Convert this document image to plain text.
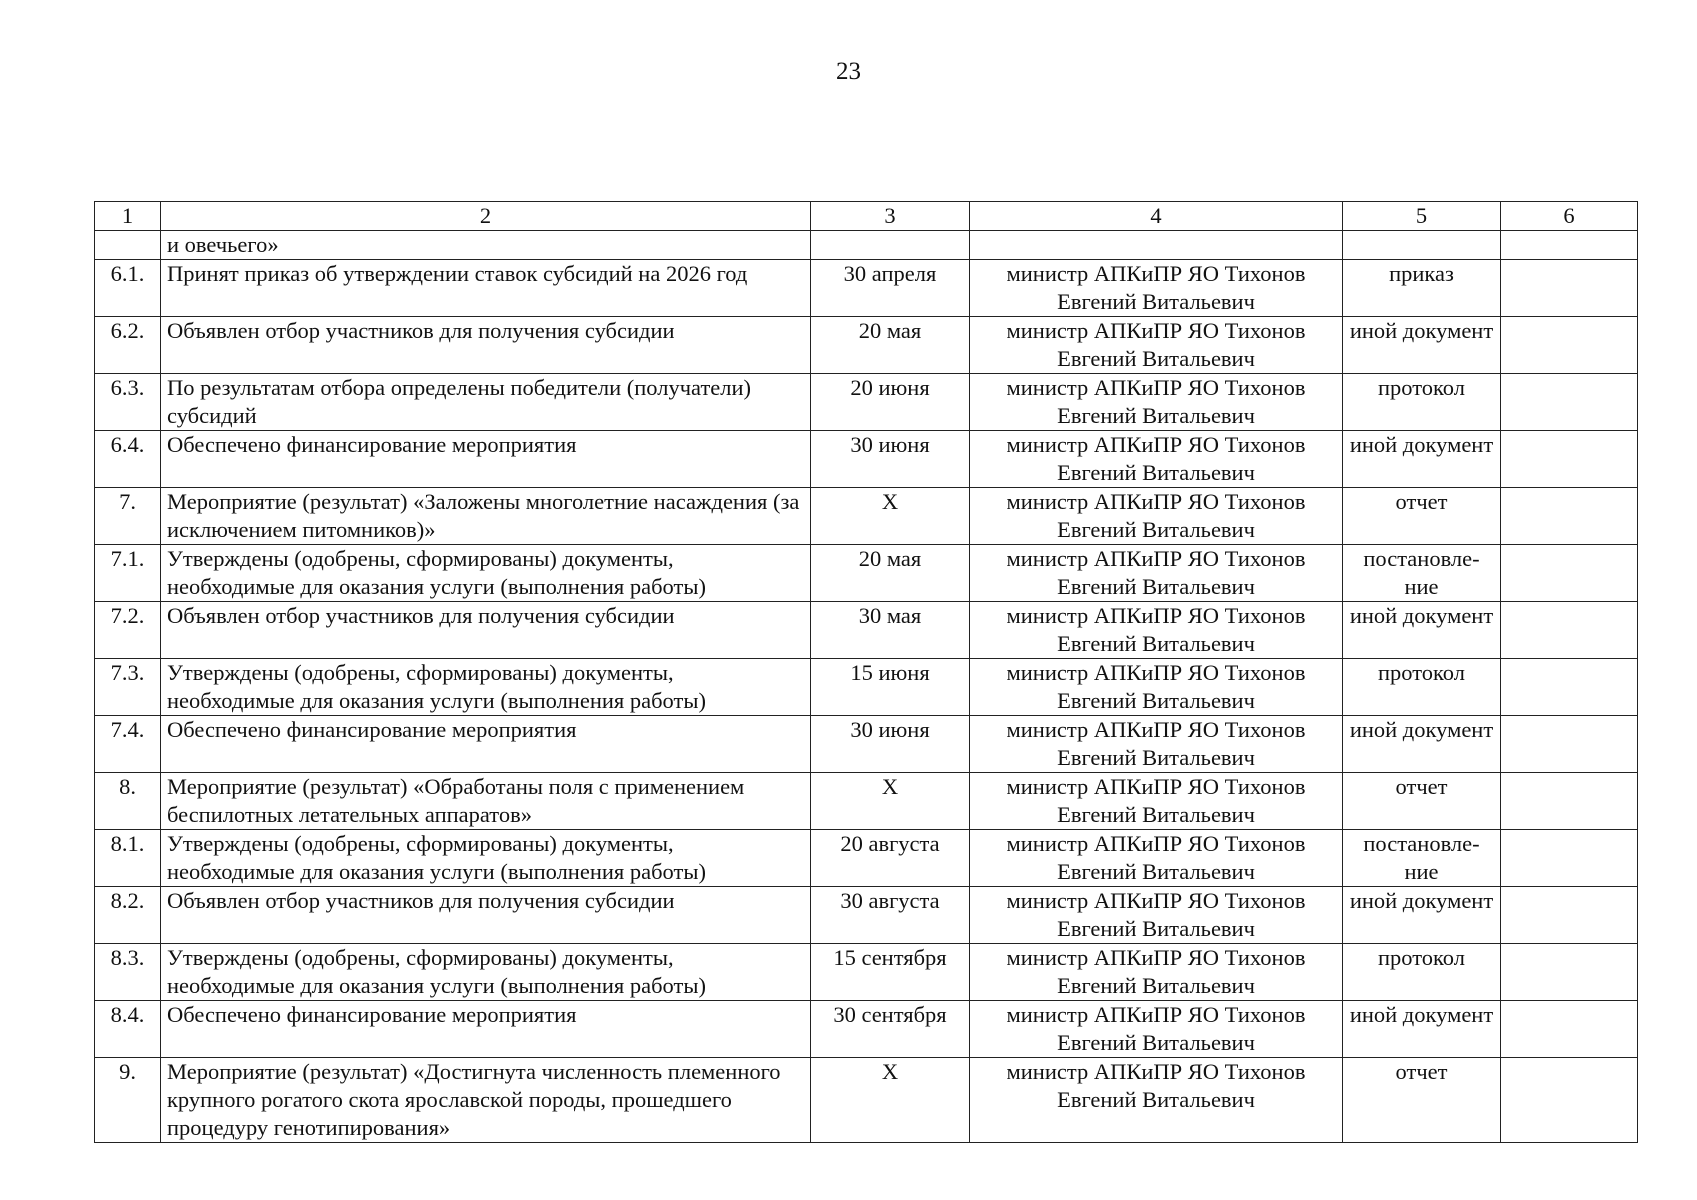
23
1	2	3	4	5	6
	и овечьего»				
6.1.	Принят приказ об утверждении ставок субсидий на 2026 год	30 апреля	министр АПКиПР ЯО Тихонов Евгений Витальевич	приказ	
6.2.	Объявлен отбор участников для получения субсидии	20 мая	министр АПКиПР ЯО Тихонов Евгений Витальевич	иной документ	
6.3.	По результатам отбора определены победители (получатели) субсидий	20 июня	министр АПКиПР ЯО Тихонов Евгений Витальевич	протокол	
6.4.	Обеспечено финансирование мероприятия	30 июня	министр АПКиПР ЯО Тихонов Евгений Витальевич	иной документ	
7.	Мероприятие (результат) «Заложены многолетние насаждения (за исключением питомников)»	Х	министр АПКиПР ЯО Тихонов Евгений Витальевич	отчет	
7.1.	Утверждены (одобрены, сформированы) документы, необходимые для оказания услуги (выполнения работы)	20 мая	министр АПКиПР ЯО Тихонов Евгений Витальевич	постановле-ние	
7.2.	Объявлен отбор участников для получения субсидии	30 мая	министр АПКиПР ЯО Тихонов Евгений Витальевич	иной документ	
7.3.	Утверждены (одобрены, сформированы) документы, необходимые для оказания услуги (выполнения работы)	15 июня	министр АПКиПР ЯО Тихонов Евгений Витальевич	протокол	
7.4.	Обеспечено финансирование мероприятия	30 июня	министр АПКиПР ЯО Тихонов Евгений Витальевич	иной документ	
8.	Мероприятие (результат) «Обработаны поля с применением беспилотных летательных аппаратов»	Х	министр АПКиПР ЯО Тихонов Евгений Витальевич	отчет	
8.1.	Утверждены (одобрены, сформированы) документы, необходимые для оказания услуги (выполнения работы)	20 августа	министр АПКиПР ЯО Тихонов Евгений Витальевич	постановле-ние	
8.2.	Объявлен отбор участников для получения субсидии	30 августа	министр АПКиПР ЯО Тихонов Евгений Витальевич	иной документ	
8.3.	Утверждены (одобрены, сформированы) документы, необходимые для оказания услуги (выполнения работы)	15 сентября	министр АПКиПР ЯО Тихонов Евгений Витальевич	протокол	
8.4.	Обеспечено финансирование мероприятия	30 сентября	министр АПКиПР ЯО Тихонов Евгений Витальевич	иной документ	
9.	Мероприятие (результат) «Достигнута численность племенного крупного рогатого скота ярославской породы, прошедшего процедуру генотипирования»	Х	министр АПКиПР ЯО Тихонов Евгений Витальевич	отчет	
